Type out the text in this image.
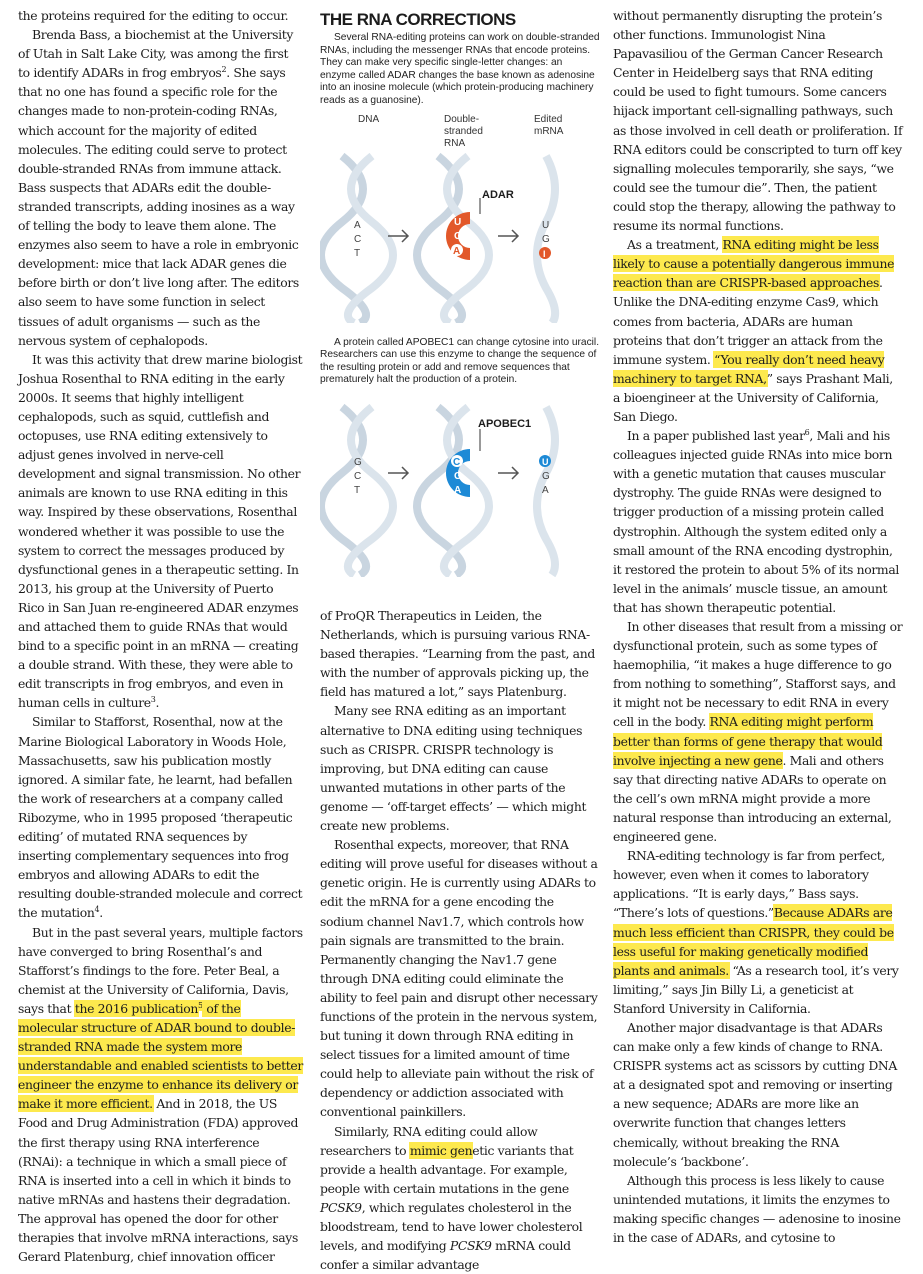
the proteins required for the editing to occur.

Brenda Bass, a biochemist at the University of Utah in Salt Lake City, was among the first to identify ADARs in frog embryos$^2$. She says that no one has found a specific role for the changes made to non-protein-coding RNAs, which account for the majority of edited molecules. The editing could serve to protect double-stranded RNAs from immune attack. Bass suspects that ADARs edit the double-stranded transcripts, adding inosines as a way of telling the body to leave them alone. The enzymes also seem to have a role in embryonic development: mice that lack ADAR genes die before birth or don’t live long after. The editors also seem to have some function in select tissues of adult organisms — such as the nervous system of cephalopods.

It was this activity that drew marine biologist Joshua Rosenthal to RNA editing in the early 2000s. It seems that highly intelligent cephalopods, such as squid, cuttlefish and octopuses, use RNA editing extensively to adjust genes involved in nerve-cell development and signal transmission. No other animals are known to use RNA editing in this way. Inspired by these observations, Rosenthal wondered whether it was possible to use the system to correct the messages produced by dysfunctional genes in a therapeutic setting. In 2013, his group at the University of Puerto Rico in San Juan re-engineered ADAR enzymes and attached them to guide RNAs that would bind to a specific point in an mRNA — creating a double strand. With these, they were able to edit transcripts in frog embryos, and even in human cells in culture$^3$.

Similar to Stafforst, Rosenthal, now at the Marine Biological Laboratory in Woods Hole, Massachusetts, saw his publication mostly ignored. A similar fate, he learnt, had befallen the work of researchers at a company called Ribozyme, who in 1995 proposed ‘therapeutic editing’ of mutated RNA sequences by inserting complementary sequences into frog embryos and allowing ADARs to edit the resulting double-stranded molecule and correct the mutation$^4$.

But in the past several years, multiple factors have converged to bring Rosenthal’s and Stafforst’s findings to the fore. Peter Beal, a chemist at the University of California, Davis, says that the 2016 publication$^5$ of the molecular structure of ADAR bound to double-stranded RNA made the system more understandable and enabled scientists to better engineer the enzyme to enhance its delivery or make it more efficient. And in 2018, the US Food and Drug Administration (FDA) approved the first therapy using RNA interference (RNAi): a technique in which a small piece of RNA is inserted into a cell in which it binds to native mRNAs and hastens their degradation. The approval has opened the door for other therapies that involve mRNA interactions, says Gerard Platenburg, chief innovation officer

THE RNA CORRECTIONS

Several RNA-editing proteins can work on double-stranded RNAs, including the messenger RNAs that encode proteins. They can make very specific single-letter changes: an enzyme called ADAR changes the base known as adenosine into an inosine molecule (which protein-producing machinery reads as a guanosine).

DNA	Double-
stranded
RNA
Edited
mRNA
A
C
T
U
G
A
ADAR
U
G
I

A protein called APOBEC1 can change cytosine into uracil. Researchers can use this enzyme to change the sequence of the resulting protein or add and remove sequences that prematurely halt the production of a protein.

G
C
T
C
G
A
APOBEC1
U
G
A

of ProQR Therapeutics in Leiden, the Netherlands, which is pursuing various RNA-based therapies. “Learning from the past, and with the number of approvals picking up, the field has matured a lot,” says Platenburg.

Many see RNA editing as an important alternative to DNA editing using techniques such as CRISPR. CRISPR technology is improving, but DNA editing can cause unwanted mutations in other parts of the genome — ‘off-target effects’ — which might create new problems.

Rosenthal expects, moreover, that RNA editing will prove useful for diseases without a genetic origin. He is currently using ADARs to edit the mRNA for a gene encoding the sodium channel Nav1.7, which controls how pain signals are transmitted to the brain. Permanently changing the Nav1.7 gene through DNA editing could eliminate the ability to feel pain and disrupt other necessary functions of the protein in the nervous system, but tuning it down through RNA editing in select tissues for a limited amount of time could help to alleviate pain without the risk of dependency or addiction associated with conventional painkillers.

Similarly, RNA editing could allow researchers to mimic genetic variants that provide a health advantage. For example, people with certain mutations in the gene PCSK9, which regulates cholesterol in the bloodstream, tend to have lower cholesterol levels, and modifying PCSK9 mRNA could confer a similar advantage

without permanently disrupting the protein’s other functions. Immunologist Nina Papavasiliou of the German Cancer Research Center in Heidelberg says that RNA editing could be used to fight tumours. Some cancers hijack important cell-signalling pathways, such as those involved in cell death or proliferation. If RNA editors could be conscripted to turn off key signalling molecules temporarily, she says, “we could see the tumour die”. Then, the patient could stop the therapy, allowing the pathway to resume its normal functions.

As a treatment, RNA editing might be less likely to cause a potentially dangerous immune reaction than are CRISPR-based approaches. Unlike the DNA-editing enzyme Cas9, which comes from bacteria, ADARs are human proteins that don’t trigger an attack from the immune system. “You really don’t need heavy machinery to target RNA,” says Prashant Mali, a bioengineer at the University of California, San Diego.

In a paper published last year$^6$, Mali and his colleagues injected guide RNAs into mice born with a genetic mutation that causes muscular dystrophy. The guide RNAs were designed to trigger production of a missing protein called dystrophin. Although the system edited only a small amount of the RNA encoding dystrophin, it restored the protein to about 5% of its normal level in the animals’ muscle tissue, an amount that has shown therapeutic potential.

In other diseases that result from a missing or dysfunctional protein, such as some types of haemophilia, “it makes a huge difference to go from nothing to something”, Stafforst says, and it might not be necessary to edit RNA in every cell in the body. RNA editing might perform better than forms of gene therapy that would involve injecting a new gene. Mali and others say that directing native ADARs to operate on the cell’s own mRNA might provide a more natural response than introducing an external, engineered gene.

RNA-editing technology is far from perfect, however, even when it comes to laboratory applications. “It is early days,” Bass says. “There’s lots of questions.”Because ADARs are much less efficient than CRISPR, they could be less useful for making genetically modified plants and animals. “As a research tool, it’s very limiting,” says Jin Billy Li, a geneticist at Stanford University in California.

Another major disadvantage is that ADARs can make only a few kinds of change to RNA. CRISPR systems act as scissors by cutting DNA at a designated spot and removing or inserting a new sequence; ADARs are more like an overwrite function that changes letters chemically, without breaking the RNA molecule’s ‘backbone’.

Although this process is less likely to cause unintended mutations, it limits the enzymes to making specific changes — adenosine to inosine in the case of ADARs, and cytosine to
